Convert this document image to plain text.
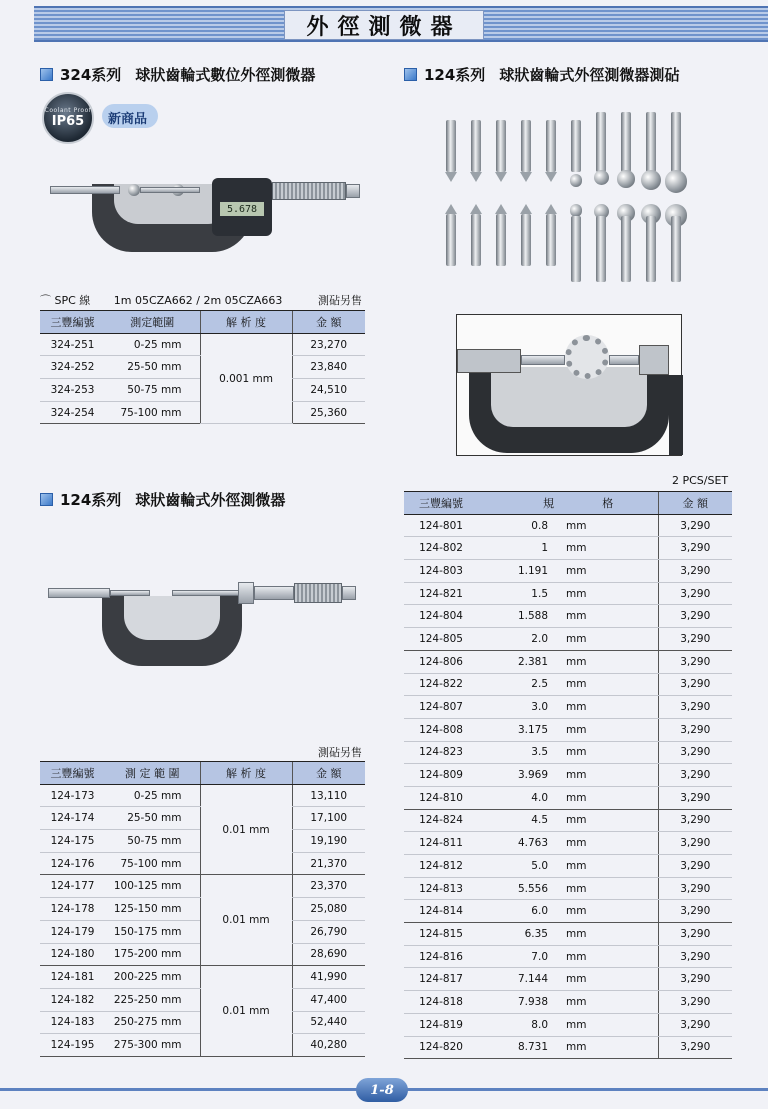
外徑測微器
324系列 球狀齒輪式數位外徑測微器
Coolant Proof
IP65 新商品
5.678
⌒ SPC 線 1m 05CZA662 / 2m 05CZA663	測砧另售
三豐編號	測定範圍	解 析 度	金 額
324-251	0-25 mm	0.001 mm	23,270
324-252	25-50 mm		23,840
324-253	50-75 mm		24,510
324-254	75-100 mm		25,360
124系列 球狀齒輪式外徑測微器
測砧另售
三豐編號	測 定 範 圍	解 析 度	金 額
124-173	0-25 mm	0.01 mm	13,110
124-174	25-50 mm		17,100
124-175	50-75 mm		19,190
124-176	75-100 mm		21,370
124-177	100-125 mm	0.01 mm	23,370
124-178	125-150 mm		25,080
124-179	150-175 mm		26,790
124-180	175-200 mm		28,690
124-181	200-225 mm	0.01 mm	41,990
124-182	225-250 mm		47,400
124-183	250-275 mm		52,440
124-195	275-300 mm		40,280
124系列 球狀齒輪式外徑測微器測砧
2 PCS/SET
三豐編號	規	格	金 額
124-801	0.8	mm	3,290
124-802	1	mm	3,290
124-803	1.191	mm	3,290
124-821	1.5	mm	3,290
124-804	1.588	mm	3,290
124-805	2.0	mm	3,290
124-806	2.381	mm	3,290
124-822	2.5	mm	3,290
124-807	3.0	mm	3,290
124-808	3.175	mm	3,290
124-823	3.5	mm	3,290
124-809	3.969	mm	3,290
124-810	4.0	mm	3,290
124-824	4.5	mm	3,290
124-811	4.763	mm	3,290
124-812	5.0	mm	3,290
124-813	5.556	mm	3,290
124-814	6.0	mm	3,290
124-815	6.35	mm	3,290
124-816	7.0	mm	3,290
124-817	7.144	mm	3,290
124-818	7.938	mm	3,290
124-819	8.0	mm	3,290
124-820	8.731	mm	3,290
1-8
